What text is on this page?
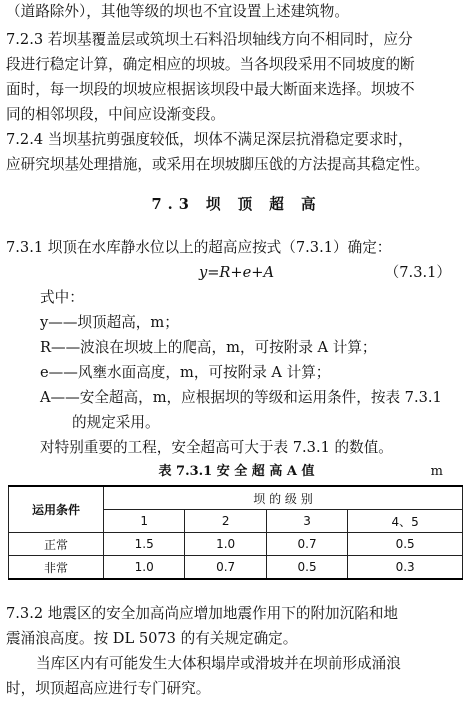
（道路除外），其他等级的坝也不宜设置上述建筑物。
7.2.3 若坝基覆盖层或筑坝土石料沿坝轴线方向不相同时，应分
段进行稳定计算，确定相应的坝坡。当各坝段采用不同坡度的断
面时，每一坝段的坝坡应根据该坝段中最大断面来选择。坝坡不
同的相邻坝段，中间应设渐变段。
7.2.4 当坝基抗剪强度较低，坝体不满足深层抗滑稳定要求时，
应研究坝基处理措施，或采用在坝坡脚压戗的方法提高其稳定性。
7.3 坝 顶 超 高
7.3.1 坝顶在水库静水位以上的超高应按式（7.3.1）确定：
y=R+e+A	（7.3.1）
式中：
y——坝顶超高，m；
R——波浪在坝坡上的爬高，m，可按附录 A 计算；
e——风壅水面高度，m，可按附录 A 计算；
A——安全超高，m，应根据坝的等级和运用条件，按表 7.3.1
的规定采用。
对特别重要的工程，安全超高可大于表 7.3.1 的数值。
表 7.3.1 安 全 超 高 A 值	m
运用条件	坝 的 级 别			
	1	2	3	4、5
正常	1.5	1.0	0.7	0.5
非常	1.0	0.7	0.5	0.3
7.3.2 地震区的安全加高尚应增加地震作用下的附加沉陷和地
震涌浪高度。按 DL 5073 的有关规定确定。
当库区内有可能发生大体积塌岸或滑坡并在坝前形成涌浪
时，坝顶超高应进行专门研究。
